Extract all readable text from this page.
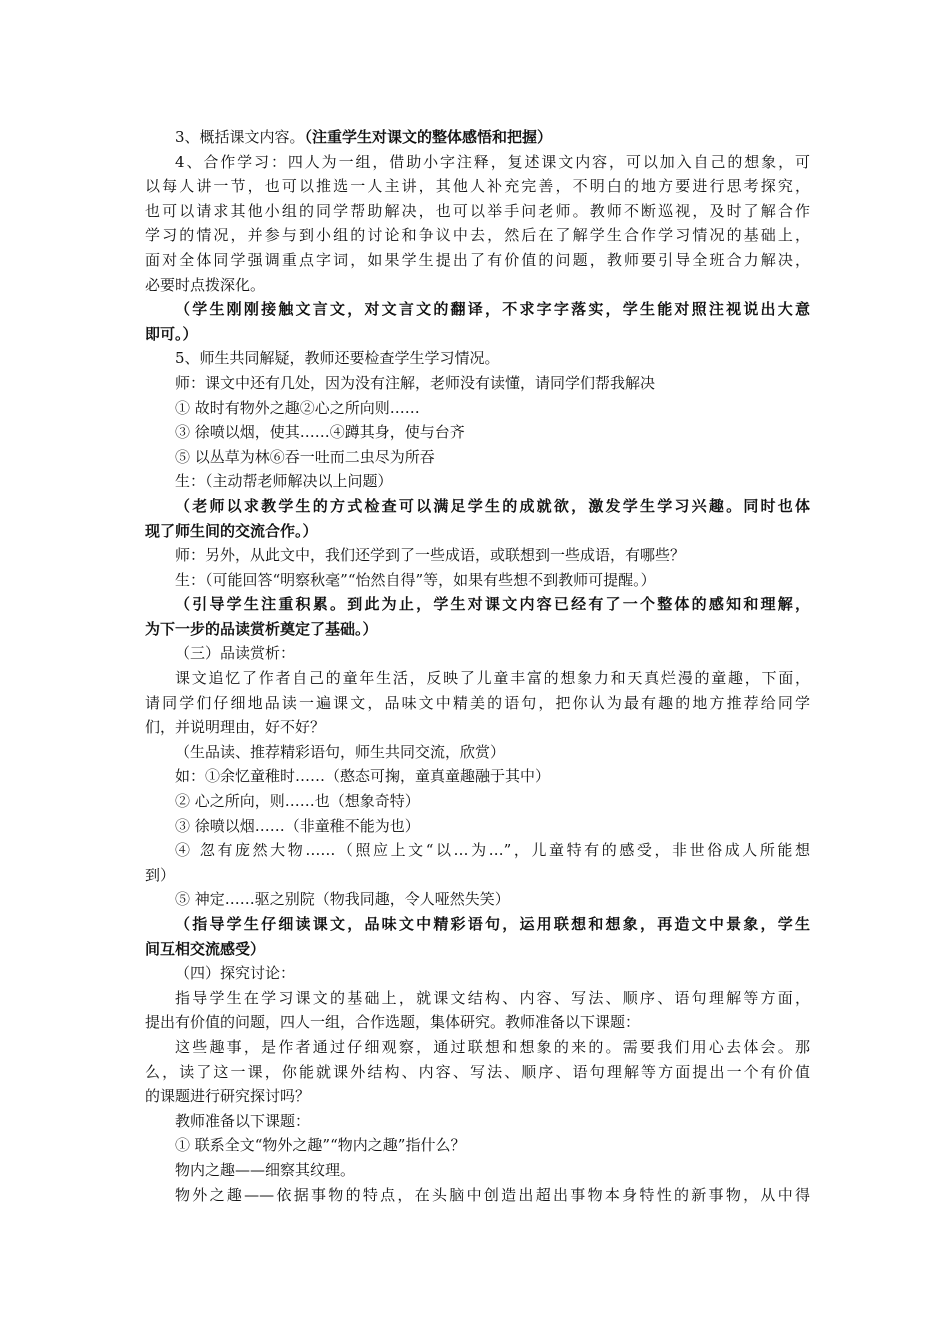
3、概括课文内容。（注重学生对课文的整体感悟和把握）
4、合作学习：四人为一组，借助小字注释，复述课文内容，可以加入自己的想象，可
以每人讲一节，也可以推选一人主讲，其他人补充完善，不明白的地方要进行思考探究，
也可以请求其他小组的同学帮助解决，也可以举手问老师。教师不断巡视，及时了解合作
学习的情况，并参与到小组的讨论和争议中去，然后在了解学生合作学习情况的基础上，
面对全体同学强调重点字词，如果学生提出了有价值的问题，教师要引导全班合力解决，
必要时点拨深化。
（学生刚刚接触文言文，对文言文的翻译，不求字字落实，学生能对照注视说出大意
即可。）
5、师生共同解疑，教师还要检查学生学习情况。
师：课文中还有几处，因为没有注解，老师没有读懂，请同学们帮我解决
① 故时有物外之趣②心之所向则……
③ 徐喷以烟，使其……④蹲其身，使与台齐
⑤ 以丛草为林⑥吞一吐而二虫尽为所吞
生：（主动帮老师解决以上问题）
（老师以求教学生的方式检查可以满足学生的成就欲，激发学生学习兴趣。同时也体
现了师生间的交流合作。）
师：另外，从此文中，我们还学到了一些成语，或联想到一些成语，有哪些？
生：（可能回答“明察秋毫”“怡然自得”等，如果有些想不到教师可提醒。）
（引导学生注重积累。到此为止，学生对课文内容已经有了一个整体的感知和理解，
为下一步的品读赏析奠定了基础。）
（三）品读赏析：
课文追忆了作者自己的童年生活，反映了儿童丰富的想象力和天真烂漫的童趣，下面，
请同学们仔细地品读一遍课文，品味文中精美的语句，把你认为最有趣的地方推荐给同学
们，并说明理由，好不好？
（生品读、推荐精彩语句，师生共同交流，欣赏）
如：①余忆童稚时……（憨态可掬，童真童趣融于其中）
② 心之所向，则……也（想象奇特）
③ 徐喷以烟……（非童稚不能为也）
④ 忽有庞然大物……（照应上文“以…为…”，儿童特有的感受，非世俗成人所能想
到）
⑤ 神定……驱之别院（物我同趣，令人哑然失笑）
（指导学生仔细读课文，品味文中精彩语句，运用联想和想象，再造文中景象，学生
间互相交流感受）
（四）探究讨论：
指导学生在学习课文的基础上，就课文结构、内容、写法、顺序、语句理解等方面，
提出有价值的问题，四人一组，合作选题，集体研究。教师准备以下课题：
这些趣事，是作者通过仔细观察，通过联想和想象的来的。需要我们用心去体会。那
么，读了这一课，你能就课外结构、内容、写法、顺序、语句理解等方面提出一个有价值
的课题进行研究探讨吗？
教师准备以下课题：
① 联系全文“物外之趣”“物内之趣”指什么？
物内之趣——细察其纹理。
物外之趣——依据事物的特点，在头脑中创造出超出事物本身特性的新事物，从中得
